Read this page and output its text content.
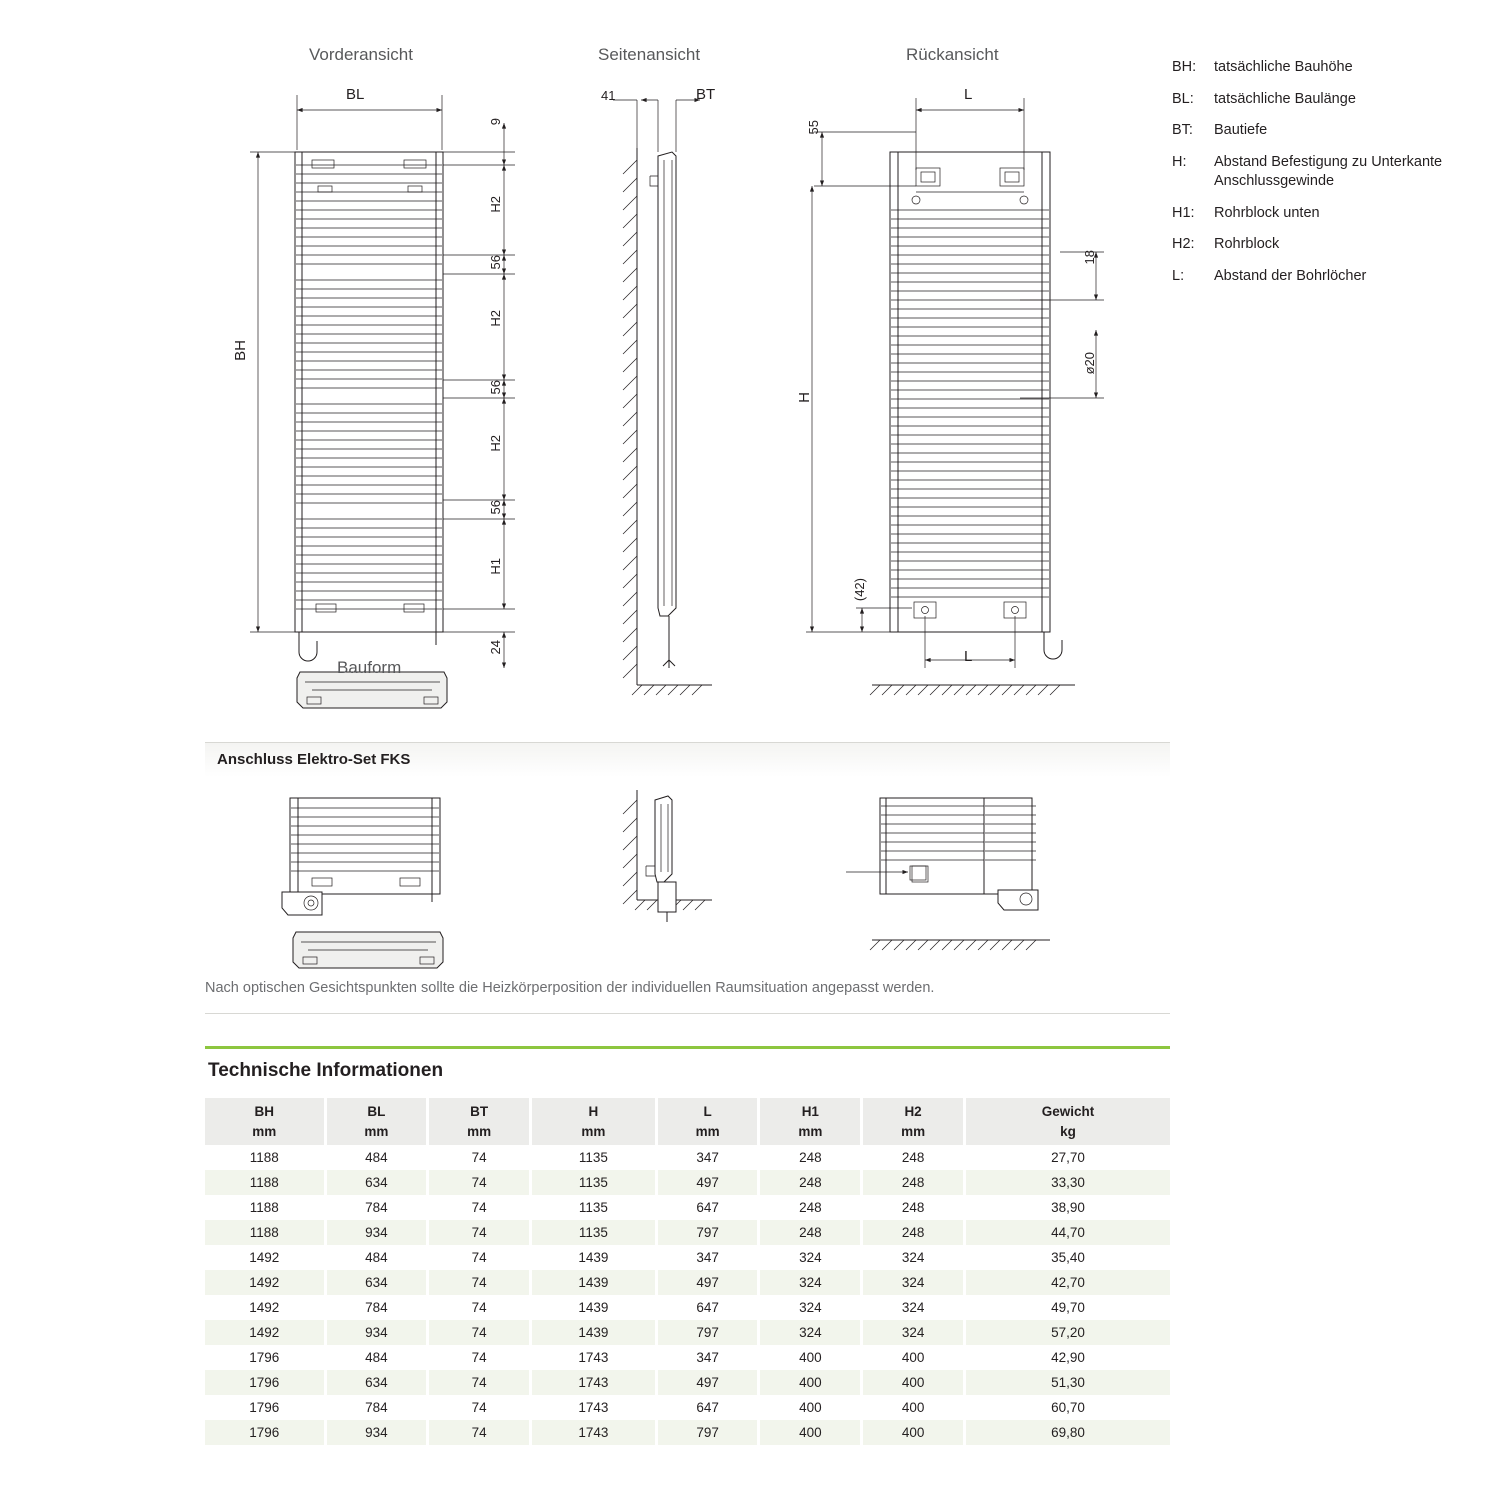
Vorderansicht	Seitenansicht	Rückansicht
Bauform
BL
BH
9
H2
56
H2
56
H2
56
H1
24
41	BT
55
L
L
H
18
ø20
(42)
BH:	tatsächliche Bauhöhe
BL:	tatsächliche Baulänge
BT:	Bautiefe
H:	Abstand Befestigung zu Unterkante Anschlussgewinde
H1:	Rohrblock unten
H2:	Rohrblock
L:	Abstand der Bohrlöcher
Anschluss Elektro-Set FKS
Nach optischen Gesichtspunkten sollte die Heizkörperposition der individuellen Raumsituation angepasst werden.
Technische Informationen
BH
mm	BL
mm	BT
mm	H
mm	L
mm	H1
mm	H2
mm	Gewicht
kg
1188	484	74	1135	347	248	248	27,70
1188	634	74	1135	497	248	248	33,30
1188	784	74	1135	647	248	248	38,90
1188	934	74	1135	797	248	248	44,70
1492	484	74	1439	347	324	324	35,40
1492	634	74	1439	497	324	324	42,70
1492	784	74	1439	647	324	324	49,70
1492	934	74	1439	797	324	324	57,20
1796	484	74	1743	347	400	400	42,90
1796	634	74	1743	497	400	400	51,30
1796	784	74	1743	647	400	400	60,70
1796	934	74	1743	797	400	400	69,80
